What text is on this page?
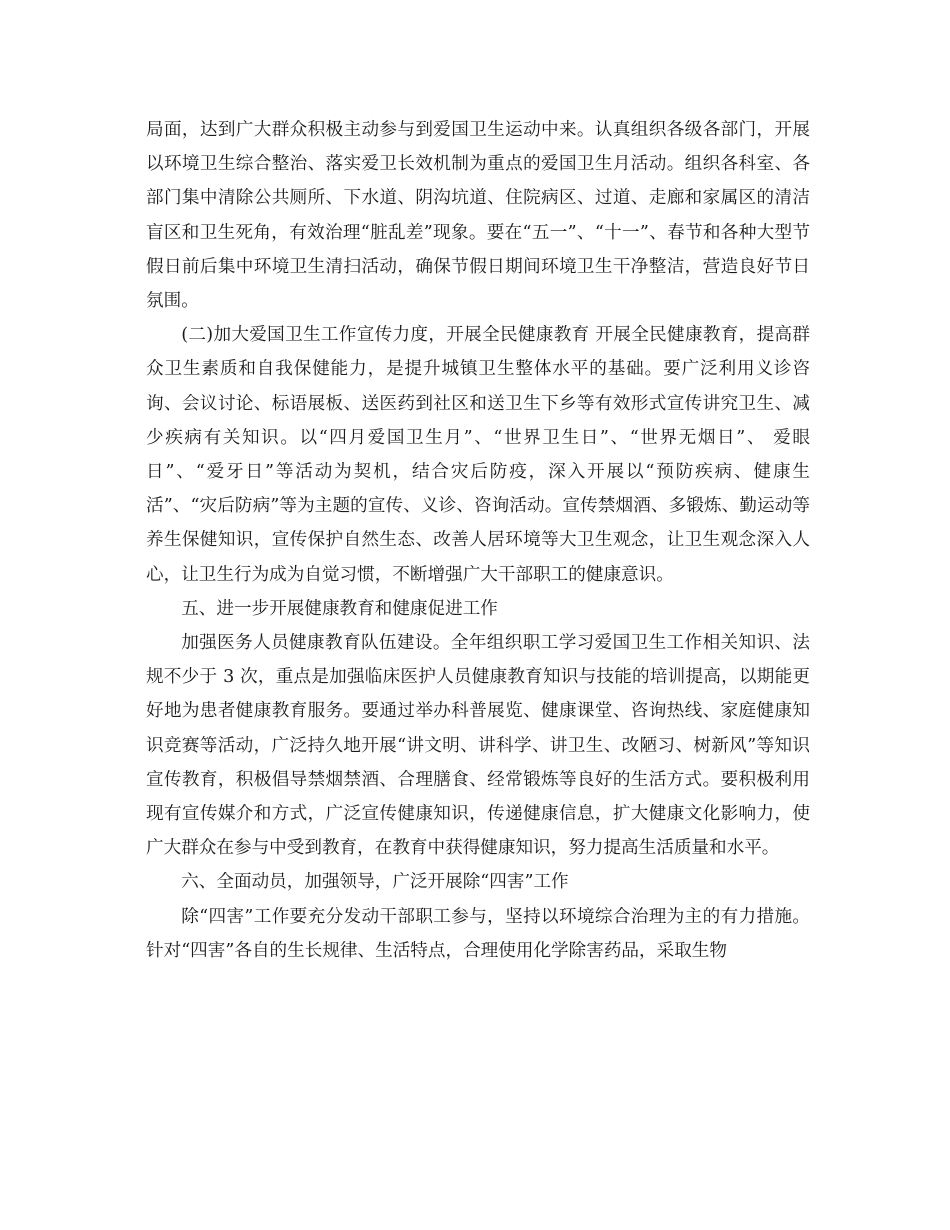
局面，达到广大群众积极主动参与到爱国卫生运动中来。认真组织各级各部门，开展以环境卫生综合整治、落实爱卫长效机制为重点的爱国卫生月活动。组织各科室、各部门集中清除公共厕所、下水道、阴沟坑道、住院病区、过道、走廊和家属区的清洁盲区和卫生死角，有效治理“脏乱差”现象。要在“五一”、“十一”、春节和各种大型节假日前后集中环境卫生清扫活动，确保节假日期间环境卫生干净整洁，营造良好节日氛围。

(二)加大爱国卫生工作宣传力度，开展全民健康教育 开展全民健康教育，提高群众卫生素质和自我保健能力，是提升城镇卫生整体水平的基础。要广泛利用义诊咨询、会议讨论、标语展板、送医药到社区和送卫生下乡等有效形式宣传讲究卫生、减少疾病有关知识。以“四月爱国卫生月”、“世界卫生日”、“世界无烟日”、 爱眼日”、“爱牙日”等活动为契机，结合灾后防疫，深入开展以“预防疾病、健康生活”、“灾后防病”等为主题的宣传、义诊、咨询活动。宣传禁烟酒、多锻炼、勤运动等养生保健知识，宣传保护自然生态、改善人居环境等大卫生观念，让卫生观念深入人心，让卫生行为成为自觉习惯，不断增强广大干部职工的健康意识。

五、进一步开展健康教育和健康促进工作

加强医务人员健康教育队伍建设。全年组织职工学习爱国卫生工作相关知识、法规不少于 3 次，重点是加强临床医护人员健康教育知识与技能的培训提高，以期能更好地为患者健康教育服务。要通过举办科普展览、健康课堂、咨询热线、家庭健康知识竞赛等活动，广泛持久地开展“讲文明、讲科学、讲卫生、改陋习、树新风”等知识宣传教育，积极倡导禁烟禁酒、合理膳食、经常锻炼等良好的生活方式。要积极利用现有宣传媒介和方式，广泛宣传健康知识，传递健康信息，扩大健康文化影响力，使广大群众在参与中受到教育，在教育中获得健康知识，努力提高生活质量和水平。

六、全面动员，加强领导，广泛开展除“四害”工作

除“四害”工作要充分发动干部职工参与，坚持以环境综合治理为主的有力措施。针对“四害”各自的生长规律、生活特点，合理使用化学除害药品，采取生物
